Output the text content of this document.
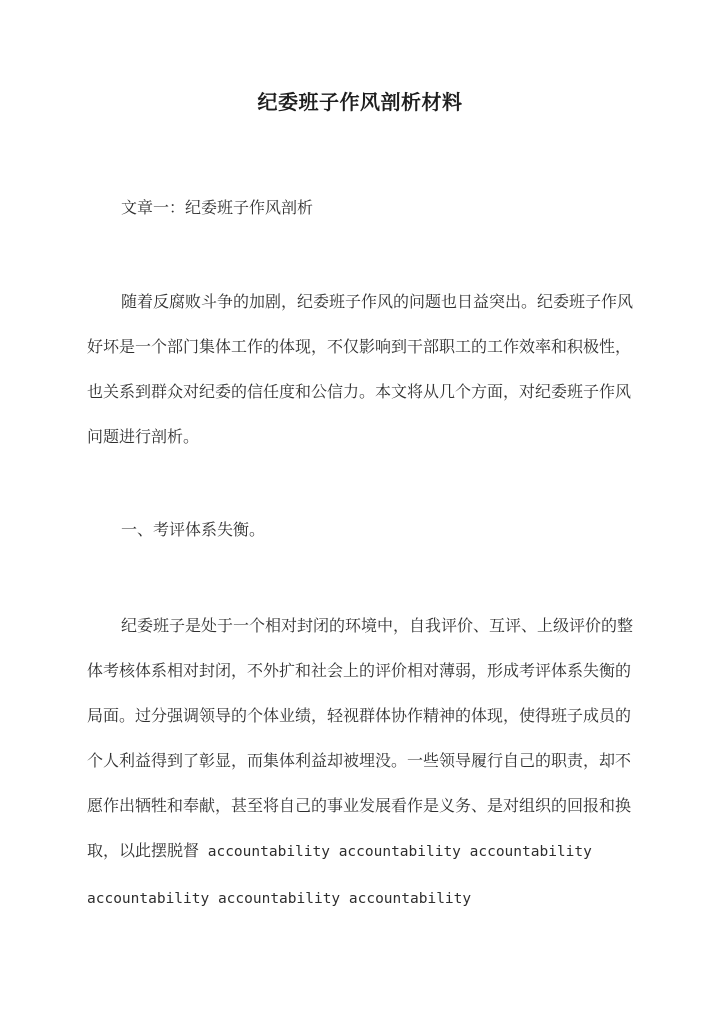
纪委班子作风剖析材料
文章一：纪委班子作风剖析
随着反腐败斗争的加剧，纪委班子作风的问题也日益突出。纪委班子作风好坏是一个部门集体工作的体现，不仅影响到干部职工的工作效率和积极性，也关系到群众对纪委的信任度和公信力。本文将从几个方面，对纪委班子作风问题进行剖析。
一、考评体系失衡。
纪委班子是处于一个相对封闭的环境中，自我评价、互评、上级评价的整体考核体系相对封闭，不外扩和社会上的评价相对薄弱，形成考评体系失衡的局面。过分强调领导的个体业绩，轻视群体协作精神的体现，使得班子成员的个人利益得到了彰显，而集体利益却被埋没。一些领导履行自己的职责，却不愿作出牺牲和奉献，甚至将自己的事业发展看作是义务、是对组织的回报和换取，以此摆脱督 accountability accountability accountability accountability accountability accountability
